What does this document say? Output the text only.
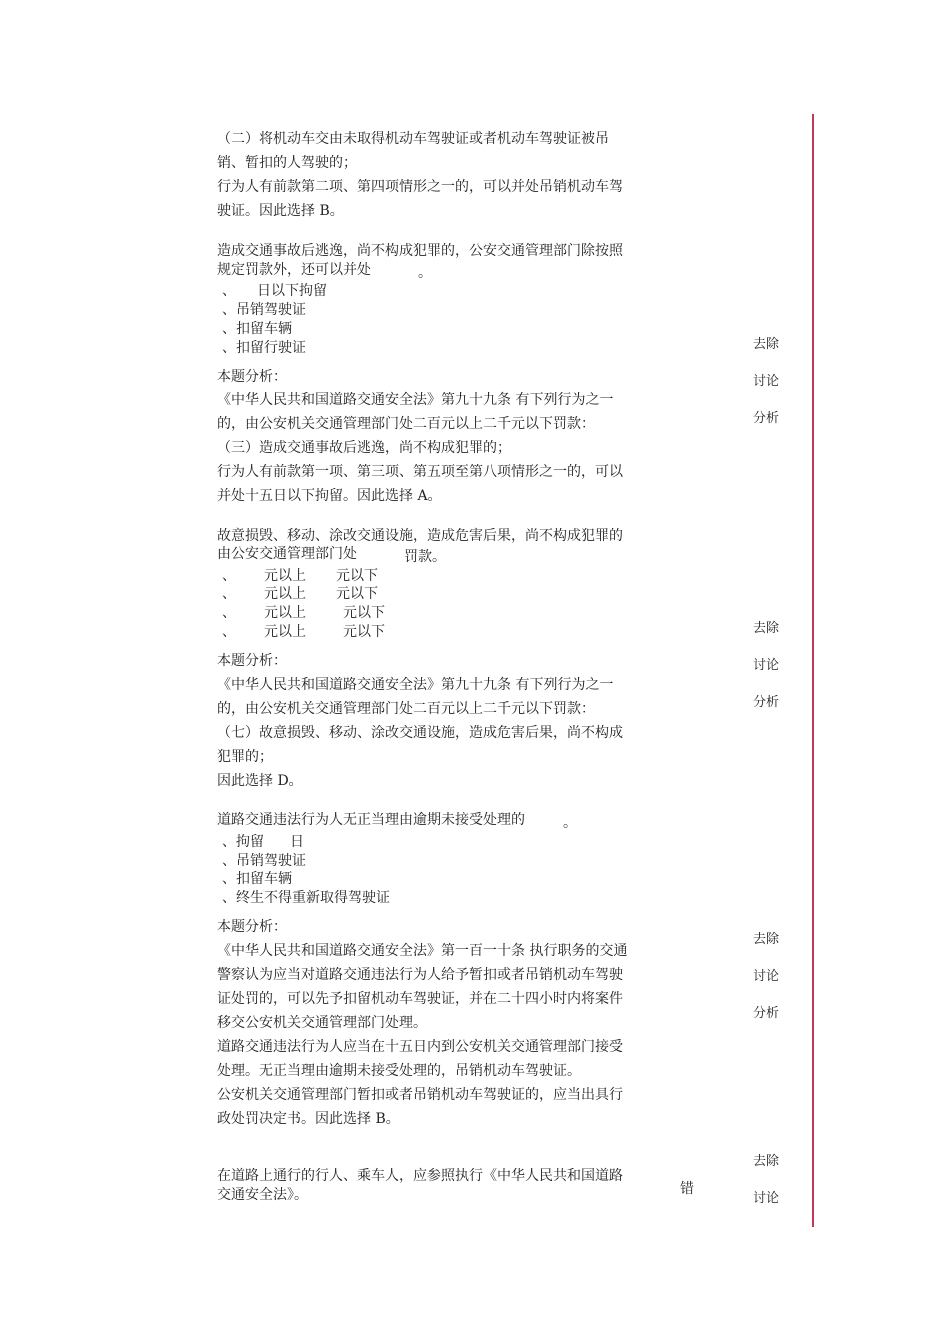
（二）将机动车交由未取得机动车驾驶证或者机动车驾驶证被吊
销、暂扣的人驾驶的；
行为人有前款第二项、第四项情形之一的，可以并处吊销机动车驾
驶证。因此选择 B。
造成交通事故后逃逸，尚不构成犯罪的，公安交通管理部门除按照
规定罚款外，还可以并处	。
、 日以下拘留
、吊销驾驶证
、扣留车辆
、扣留行驶证
本题分析：
《中华人民共和国道路交通安全法》第九十九条 有下列行为之一
的，由公安机关交通管理部门处二百元以上二千元以下罚款：
（三）造成交通事故后逃逸，尚不构成犯罪的；
行为人有前款第一项、第三项、第五项至第八项情形之一的，可以
并处十五日以下拘留。因此选择 A。
去除
讨论
分析
故意损毁、移动、涂改交通设施，造成危害后果，尚不构成犯罪的
由公安交通管理部门处	罚款。
、 元以上 元以下
、 元以上 元以下
、 元以上	元以下
、 元以上	元以下
本题分析：
《中华人民共和国道路交通安全法》第九十九条 有下列行为之一
的，由公安机关交通管理部门处二百元以上二千元以下罚款：
（七）故意损毁、移动、涂改交通设施，造成危害后果，尚不构成
犯罪的；
因此选择 D。
去除
讨论
分析
道路交通违法行为人无正当理由逾期未接受处理的	。
、拘留 日
、吊销驾驶证
、扣留车辆
、终生不得重新取得驾驶证
本题分析：
《中华人民共和国道路交通安全法》第一百一十条 执行职务的交通
警察认为应当对道路交通违法行为人给予暂扣或者吊销机动车驾驶
证处罚的，可以先予扣留机动车驾驶证，并在二十四小时内将案件
移交公安机关交通管理部门处理。
道路交通违法行为人应当在十五日内到公安机关交通管理部门接受
处理。无正当理由逾期未接受处理的，吊销机动车驾驶证。
公安机关交通管理部门暂扣或者吊销机动车驾驶证的，应当出具行
政处罚决定书。因此选择 B。
去除
讨论
分析
在道路上通行的行人、乘车人，应参照执行《中华人民共和国道路
交通安全法》。	错
去除
讨论
